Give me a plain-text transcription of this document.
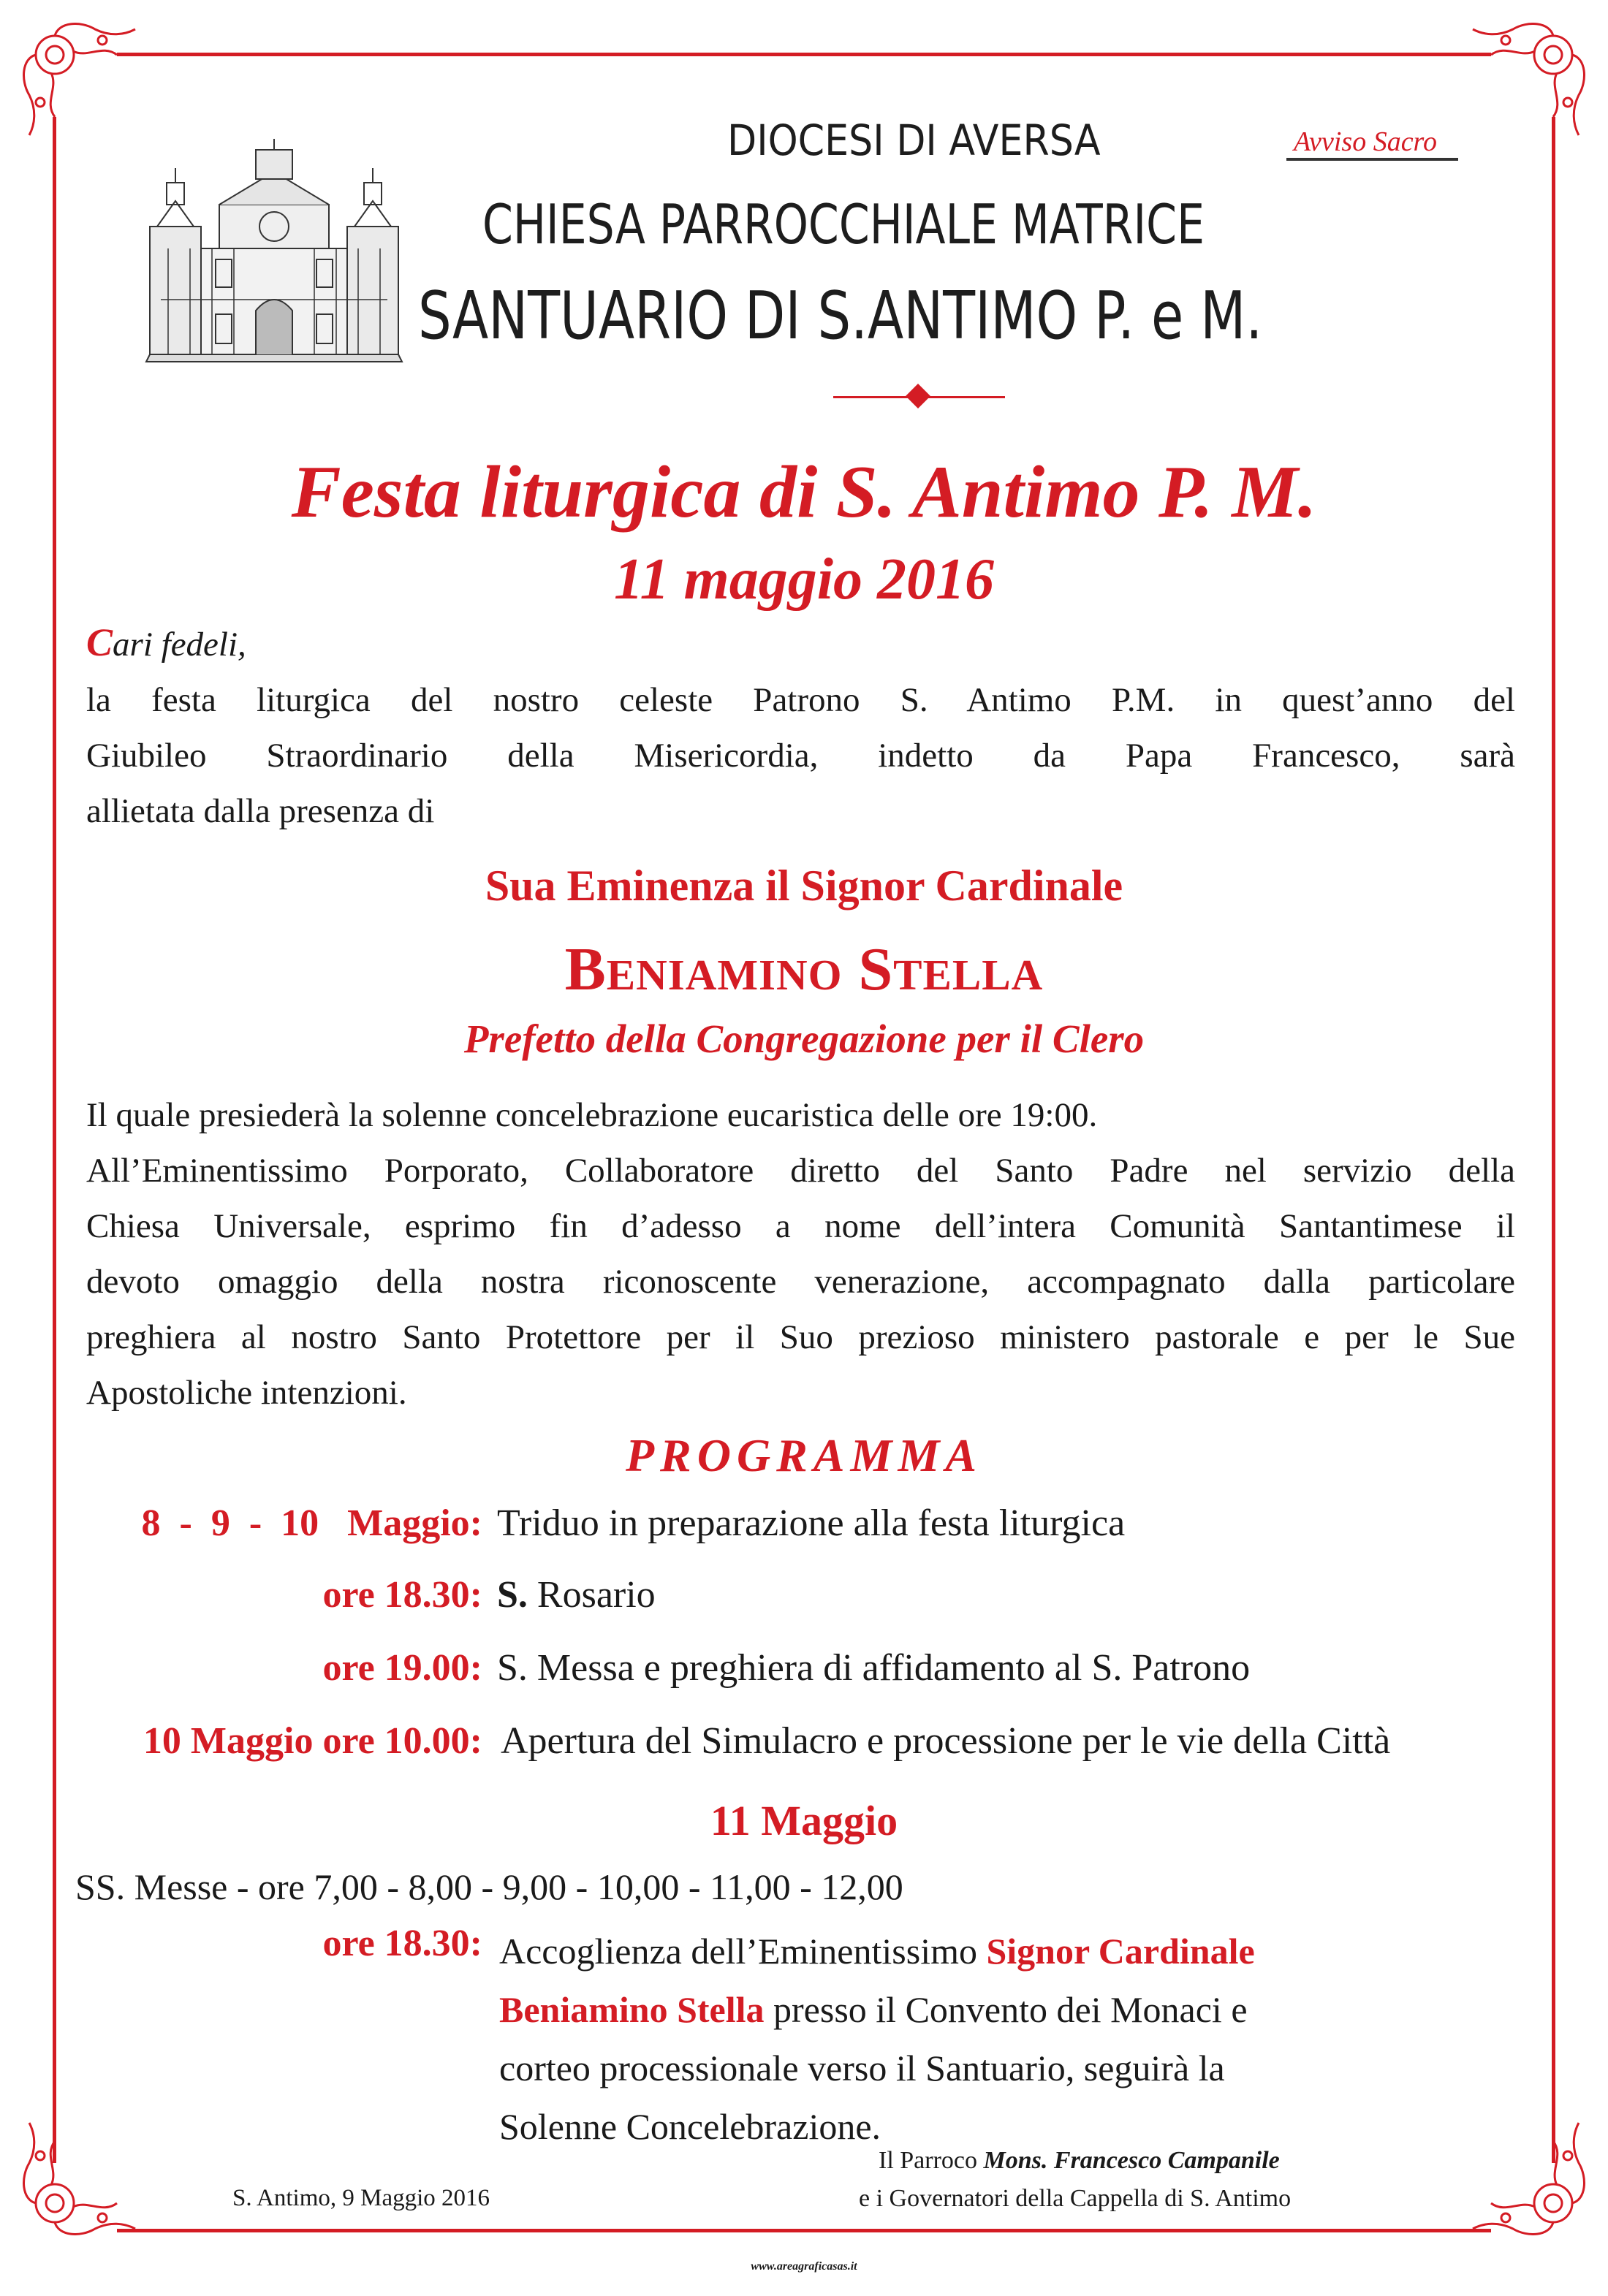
DIOCESI DI AVERSA	Avviso Sacro
CHIESA PARROCCHIALE MATRICE
SANTUARIO DI S.ANTIMO P. e M.
Festa liturgica di S. Antimo P. M.
11 maggio 2016
Cari fedeli,
la festa liturgica del nostro celeste Patrono S. Antimo P.M. in quest’anno del
Giubileo Straordinario della Misericordia, indetto da Papa Francesco, sarà
allietata dalla presenza di
Sua Eminenza il Signor Cardinale
Beniamino Stella
Prefetto della Congregazione per il Clero
Il quale presiederà la solenne concelebrazione eucaristica delle ore 19:00.
All’Eminentissimo Porporato, Collaboratore diretto del Santo Padre nel servizio della
Chiesa Universale, esprimo fin d’adesso a nome dell’intera Comunità Santantimese il
devoto omaggio della nostra riconoscente venerazione, accompagnato dalla particolare
preghiera al nostro Santo Protettore per il Suo prezioso ministero pastorale e per le Sue
Apostoliche intenzioni.
PROGRAMMA
8  -  9  -  10   Maggio: Triduo in preparazione alla festa liturgica
ore 18.30: S. Rosario
ore 19.00: S. Messa e preghiera di affidamento al S. Patrono
10 Maggio ore 10.00: Apertura del Simulacro e processione per le vie della Città
11 Maggio
SS. Messe - ore 7,00 - 8,00 - 9,00 - 10,00 - 11,00 - 12,00
ore 18.30: Accoglienza dell’Eminentissimo Signor Cardinale
Beniamino Stella presso il Convento dei Monaci e
corteo processionale verso il Santuario, seguirà la
Solenne Concelebrazione.
S. Antimo, 9 Maggio 2016
Il Parroco Mons. Francesco Campanile
e i Governatori della Cappella di S. Antimo
www.areagraficasas.it
